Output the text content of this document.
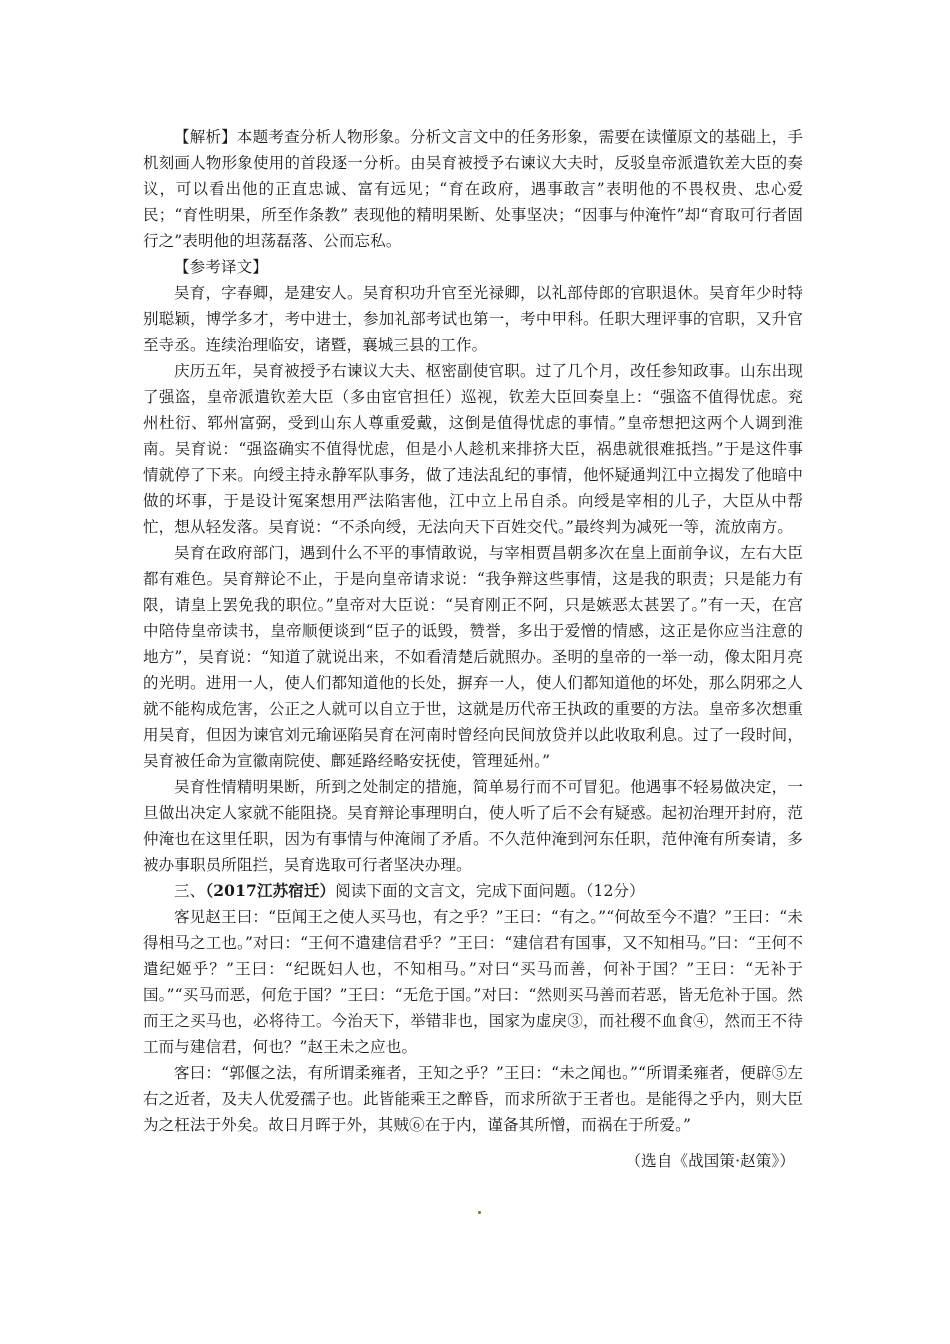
【解析】本题考查分析人物形象。分析文言文中的任务形象，需要在读懂原文的基础上，手机刻画人物形象使用的首段逐一分析。由吴育被授予右谏议大夫时，反驳皇帝派遣钦差大臣的奏议，可以看出他的正直忠诚、富有远见；“育在政府，遇事敢言”表明他的不畏权贵、忠心爱民；“育性明果，所至作条教” 表现他的精明果断、处事坚决；“因事与仲淹忤”却“育取可行者固行之”表明他的坦荡磊落、公而忘私。

【参考译文】

吴育，字春卿，是建安人。吴育积功升官至光禄卿，以礼部侍郎的官职退休。吴育年少时特别聪颖，博学多才，考中进士，参加礼部考试也第一，考中甲科。任职大理评事的官职，又升官至寺丞。连续治理临安，诸暨，襄城三县的工作。

庆历五年，吴育被授予右谏议大夫、枢密副使官职。过了几个月，改任参知政事。山东出现了强盗，皇帝派遣钦差大臣（多由宦官担任）巡视，钦差大臣回奏皇上：“强盗不值得忧虑。兖州杜衍、郓州富弼，受到山东人尊重爱戴，这倒是值得忧虑的事情。”皇帝想把这两个人调到淮南。吴育说：“强盗确实不值得忧虑，但是小人趁机来排挤大臣，祸患就很难抵挡。”于是这件事情就停了下来。向绶主持永静军队事务，做了违法乱纪的事情，他怀疑通判江中立揭发了他暗中做的坏事，于是设计冤案想用严法陷害他，江中立上吊自杀。向绶是宰相的儿子，大臣从中帮忙，想从轻发落。吴育说：“不杀向绶，无法向天下百姓交代。”最终判为减死一等，流放南方。

吴育在政府部门，遇到什么不平的事情敢说，与宰相贾昌朝多次在皇上面前争议，左右大臣都有难色。吴育辩论不止，于是向皇帝请求说：“我争辩这些事情，这是我的职责；只是能力有限，请皇上罢免我的职位。”皇帝对大臣说：“吴育刚正不阿，只是嫉恶太甚罢了。”有一天，在宫中陪侍皇帝读书，皇帝顺便谈到“臣子的诋毁，赞誉，多出于爱憎的情感，这正是你应当注意的地方”，吴育说：“知道了就说出来，不如看清楚后就照办。圣明的皇帝的一举一动，像太阳月亮的光明。进用一人，使人们都知道他的长处，摒弃一人，使人们都知道他的坏处，那么阴邪之人就不能构成危害，公正之人就可以自立于世，这就是历代帝王执政的重要的方法。皇帝多次想重用吴育，但因为谏官刘元瑜诬陷吴育在河南时曾经向民间放贷并以此收取利息。过了一段时间，吴育被任命为宣徽南院使、鄜延路经略安抚使，管理延州。”

吴育性情精明果断，所到之处制定的措施，简单易行而不可冒犯。他遇事不轻易做决定，一旦做出决定人家就不能阻挠。吴育辩论事理明白，使人听了后不会有疑惑。起初治理开封府，范仲淹也在这里任职，因为有事情与仲淹闹了矛盾。不久范仲淹到河东任职，范仲淹有所奏请，多被办事职员所阻拦，吴育选取可行者坚决办理。

三、（2017江苏宿迁）阅读下面的文言文，完成下面问题。（12分）

客见赵王曰：“臣闻王之使人买马也，有之乎？”王曰：“有之。”“何故至今不遣？”王曰：“未得相马之工也。”对曰：“王何不遣建信君乎？”王曰：“建信君有国事，又不知相马。”曰：“王何不遣纪姬乎？”王曰：“纪既妇人也，不知相马。”对曰“买马而善，何补于国？”王曰：“无补于国。”“买马而恶，何危于国？”王曰：“无危于国。”对曰：“然则买马善而若恶，皆无危补于国。然而王之买马也，必将待工。今治天下，举错非也，国家为虚戾③，而社稷不血食④，然而王不待工而与建信君，何也？”赵王未之应也。

客曰：“郭偃之法，有所谓柔雍者，王知之乎？”王曰：“未之闻也。”“所谓柔雍者，便辟⑤左右之近者，及夫人优爱孺子也。此皆能乘王之醉昏，而求所欲于王者也。是能得之乎内，则大臣为之枉法于外矣。故日月晖于外，其贼⑥在于内，谨备其所憎，而祸在于所爱。”

（选自《战国策·赵策》）
